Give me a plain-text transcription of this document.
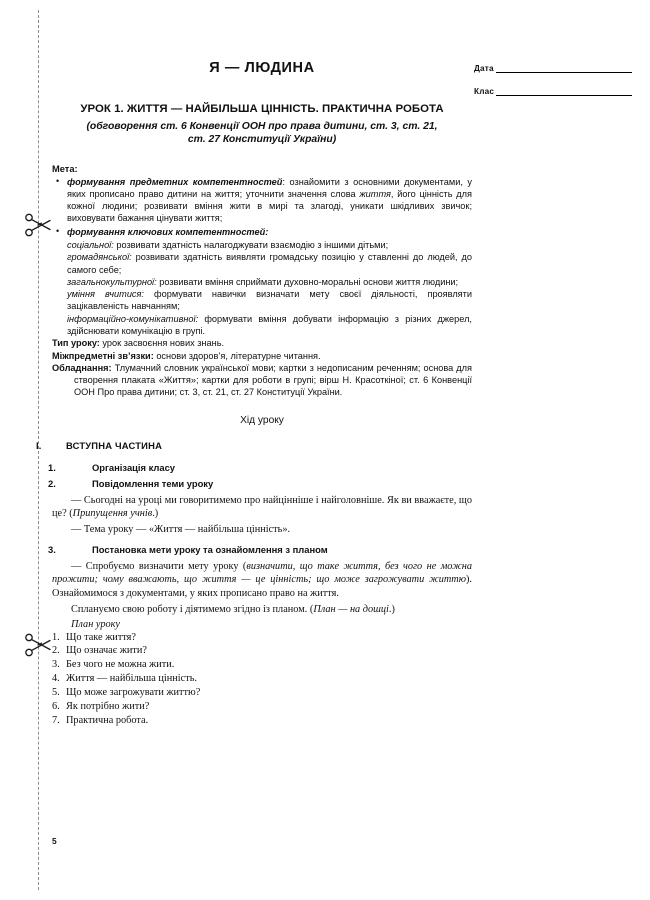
Дата
Клас
Я — ЛЮДИНА
УРОК 1. ЖИТТЯ — НАЙБІЛЬША ЦІННІСТЬ. ПРАКТИЧНА РОБОТА
(обговорення ст. 6 Конвенції ООН про права дитини, ст. 3, ст. 21,
ст. 27 Конституції України)
Мета:
• формування предметних компетентностей: ознайомити з основними документами, у яких прописано право дитини на життя; уточнити значення слова життя, його цінність для кожної людини; розвивати вміння жити в мирі та злагоді, уникати шкідливих звичок; виховувати бажання цінувати життя;
• формування ключових компетентностей:

соціальної: розвивати здатність налагоджувати взаємодію з іншими дітьми;

громадянської: розвивати здатність виявляти громадську позицію у ставленні до людей, до самого себе;

загальнокультурної: розвивати вміння сприймати духовно-моральні основи життя людини;

уміння вчитися: формувати навички визначати мету своєї діяльності, проявляти зацікавленість навчанням;

інформаційно-комунікативної: формувати вміння добувати інформацію з різних джерел, здійснювати комунікацію в групі.

Тип уроку: урок засвоєння нових знань.

Міжпредметні зв’язки: основи здоров’я, літературне читання.

Обладнання: Тлумачний словник української мови; картки з недописаним реченням; основа для створення плаката «Життя»; картки для роботи в групі; вірш Н. Красоткіної; ст. 6 Конвенції ООН Про права дитини; ст. 3, ст. 21, ст. 27 Конституції України.

Хід уроку
I.	ВСТУПНА ЧАСТИНА
1.	Організація класу
2.	Повідомлення теми уроку

— Сьогодні на уроці ми говоритимемо про найцінніше і найголовніше. Як ви вважаєте, що це? (Припущення учнів.)

— Тема уроку — «Життя — найбільша цінність».

3.	Постановка мети уроку та ознайомлення з планом

— Спробуємо визначити мету уроку (визначити, що таке життя, без чого не можна прожити; чому вважають, що життя — це цінність; що може загрожувати життю). Ознайомимося з документами, у яких прописано право на життя.

Сплануємо свою роботу і діятимемо згідно із планом. (План — на дошці.)

План уроку

1. Що таке життя?
2. Що означає жити?
3. Без чого не можна жити.
4. Життя — найбільша цінність.
5. Що може загрожувати життю?
6. Як потрібно жити?
7. Практична робота.
5
